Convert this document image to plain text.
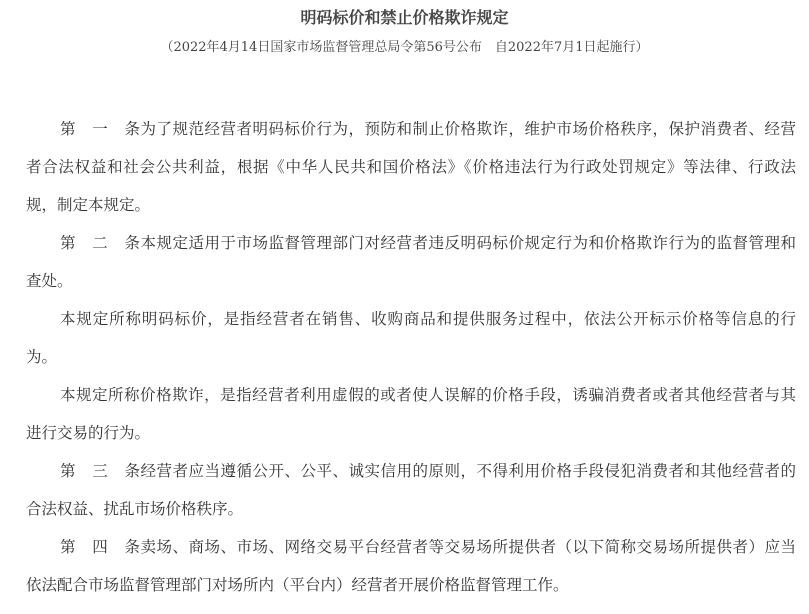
明码标价和禁止价格欺诈规定
（2022年4月14日国家市场监督管理总局令第56号公布　自2022年7月1日起施行）
第一条为了规范经营者明码标价行为，预防和制止价格欺诈，维护市场价格秩序，保护消费者、经营
者合法权益和社会公共利益，根据《中华人民共和国价格法》《价格违法行为行政处罚规定》等法律、行政法
规，制定本规定。
第二条本规定适用于市场监督管理部门对经营者违反明码标价规定行为和价格欺诈行为的监督管理和
查处。
本规定所称明码标价，是指经营者在销售、收购商品和提供服务过程中，依法公开标示价格等信息的行
为。
本规定所称价格欺诈，是指经营者利用虚假的或者使人误解的价格手段，诱骗消费者或者其他经营者与其
进行交易的行为。
第三条经营者应当遵循公开、公平、诚实信用的原则，不得利用价格手段侵犯消费者和其他经营者的
合法权益、扰乱市场价格秩序。
第四条卖场、商场、市场、网络交易平台经营者等交易场所提供者（以下简称交易场所提供者）应当
依法配合市场监督管理部门对场所内（平台内）经营者开展价格监督管理工作。
